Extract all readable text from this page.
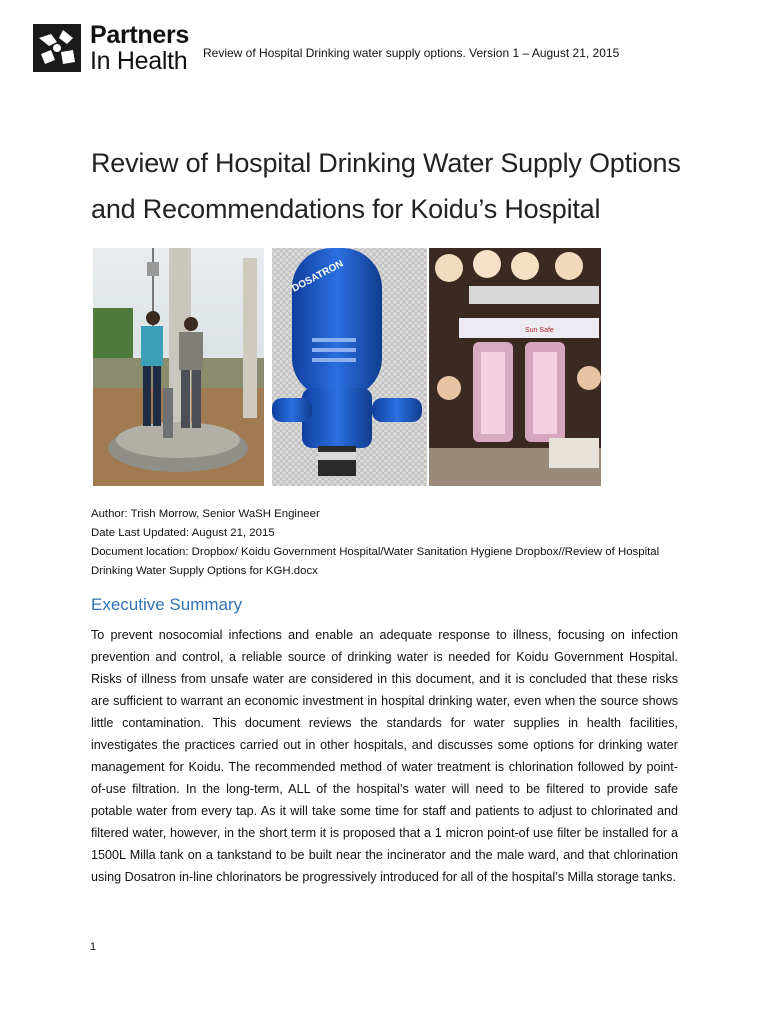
Partners
In Health Review of Hospital Drinking water supply options. Version 1 – August 21, 2015
Review of Hospital Drinking Water Supply Options and Recommendations for Koidu’s Hospital
DOSATRON
Sun Safe
Author: Trish Morrow, Senior WaSH Engineer
Date Last Updated: August 21, 2015
Document location: Dropbox/ Koidu Government Hospital/Water Sanitation Hygiene Dropbox//Review of Hospital
Drinking Water Supply Options for KGH.docx
Executive Summary
To prevent nosocomial infections and enable an adequate response to illness, focusing on infection prevention and control, a reliable source of drinking water is needed for Koidu Government Hospital. Risks of illness from unsafe water are considered in this document, and it is concluded that these risks are sufficient to warrant an economic investment in hospital drinking water, even when the source shows little contamination. This document reviews the standards for water supplies in health facilities, investigates the practices carried out in other hospitals, and discusses some options for drinking water management for Koidu. The recommended method of water treatment is chlorination followed by point-of-use filtration. In the long-term, ALL of the hospital’s water will need to be filtered to provide safe potable water from every tap. As it will take some time for staff and patients to adjust to chlorinated and filtered water, however, in the short term it is proposed that a 1 micron point-of use filter be installed for a 1500L Milla tank on a tankstand to be built near the incinerator and the male ward, and that chlorination using Dosatron in-line chlorinators be progressively introduced for all of the hospital’s Milla storage tanks.
1
